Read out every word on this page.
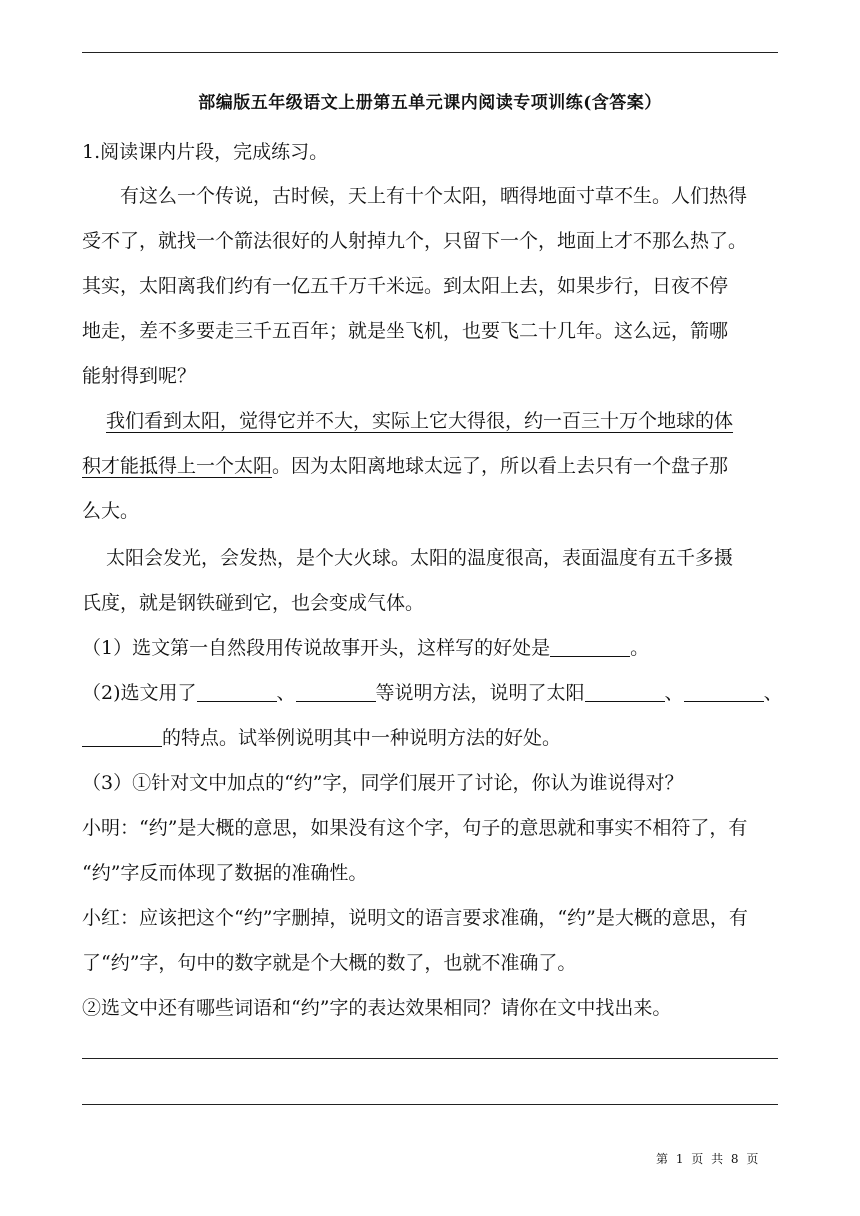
部编版五年级语文上册第五单元课内阅读专项训练(含答案）
1.阅读课内片段，完成练习。
有这么一个传说，古时候，天上有十个太阳，晒得地面寸草不生。人们热得
受不了，就找一个箭法很好的人射掉九个，只留下一个，地面上才不那么热了。
其实，太阳离我们约有一亿五千万千米远。到太阳上去，如果步行，日夜不停
地走，差不多要走三千五百年；就是坐飞机，也要飞二十几年。这么远，箭哪
能射得到呢？
我们看到太阳，觉得它并不大，实际上它大得很，约一百三十万个地球的体
积才能抵得上一个太阳。因为太阳离地球太远了，所以看上去只有一个盘子那
么大。
太阳会发光，会发热，是个大火球。太阳的温度很高，表面温度有五千多摄
氏度，就是钢铁碰到它，也会变成气体。
（1）选文第一自然段用传说故事开头，这样写的好处是	。
（2)选文用了	、	等说明方法，说明了太阳	、	、
的特点。试举例说明其中一种说明方法的好处。
（3）①针对文中加点的“约”字，同学们展开了讨论，你认为谁说得对？
小明：“约”是大概的意思，如果没有这个字，句子的意思就和事实不相符了，有
“约”字反而体现了数据的准确性。
小红：应该把这个“约”字删掉，说明文的语言要求准确，“约”是大概的意思，有
了“约”字，句中的数字就是个大概的数了，也就不准确了。
②选文中还有哪些词语和“约”字的表达效果相同？请你在文中找出来。
第 1 页 共 8 页
